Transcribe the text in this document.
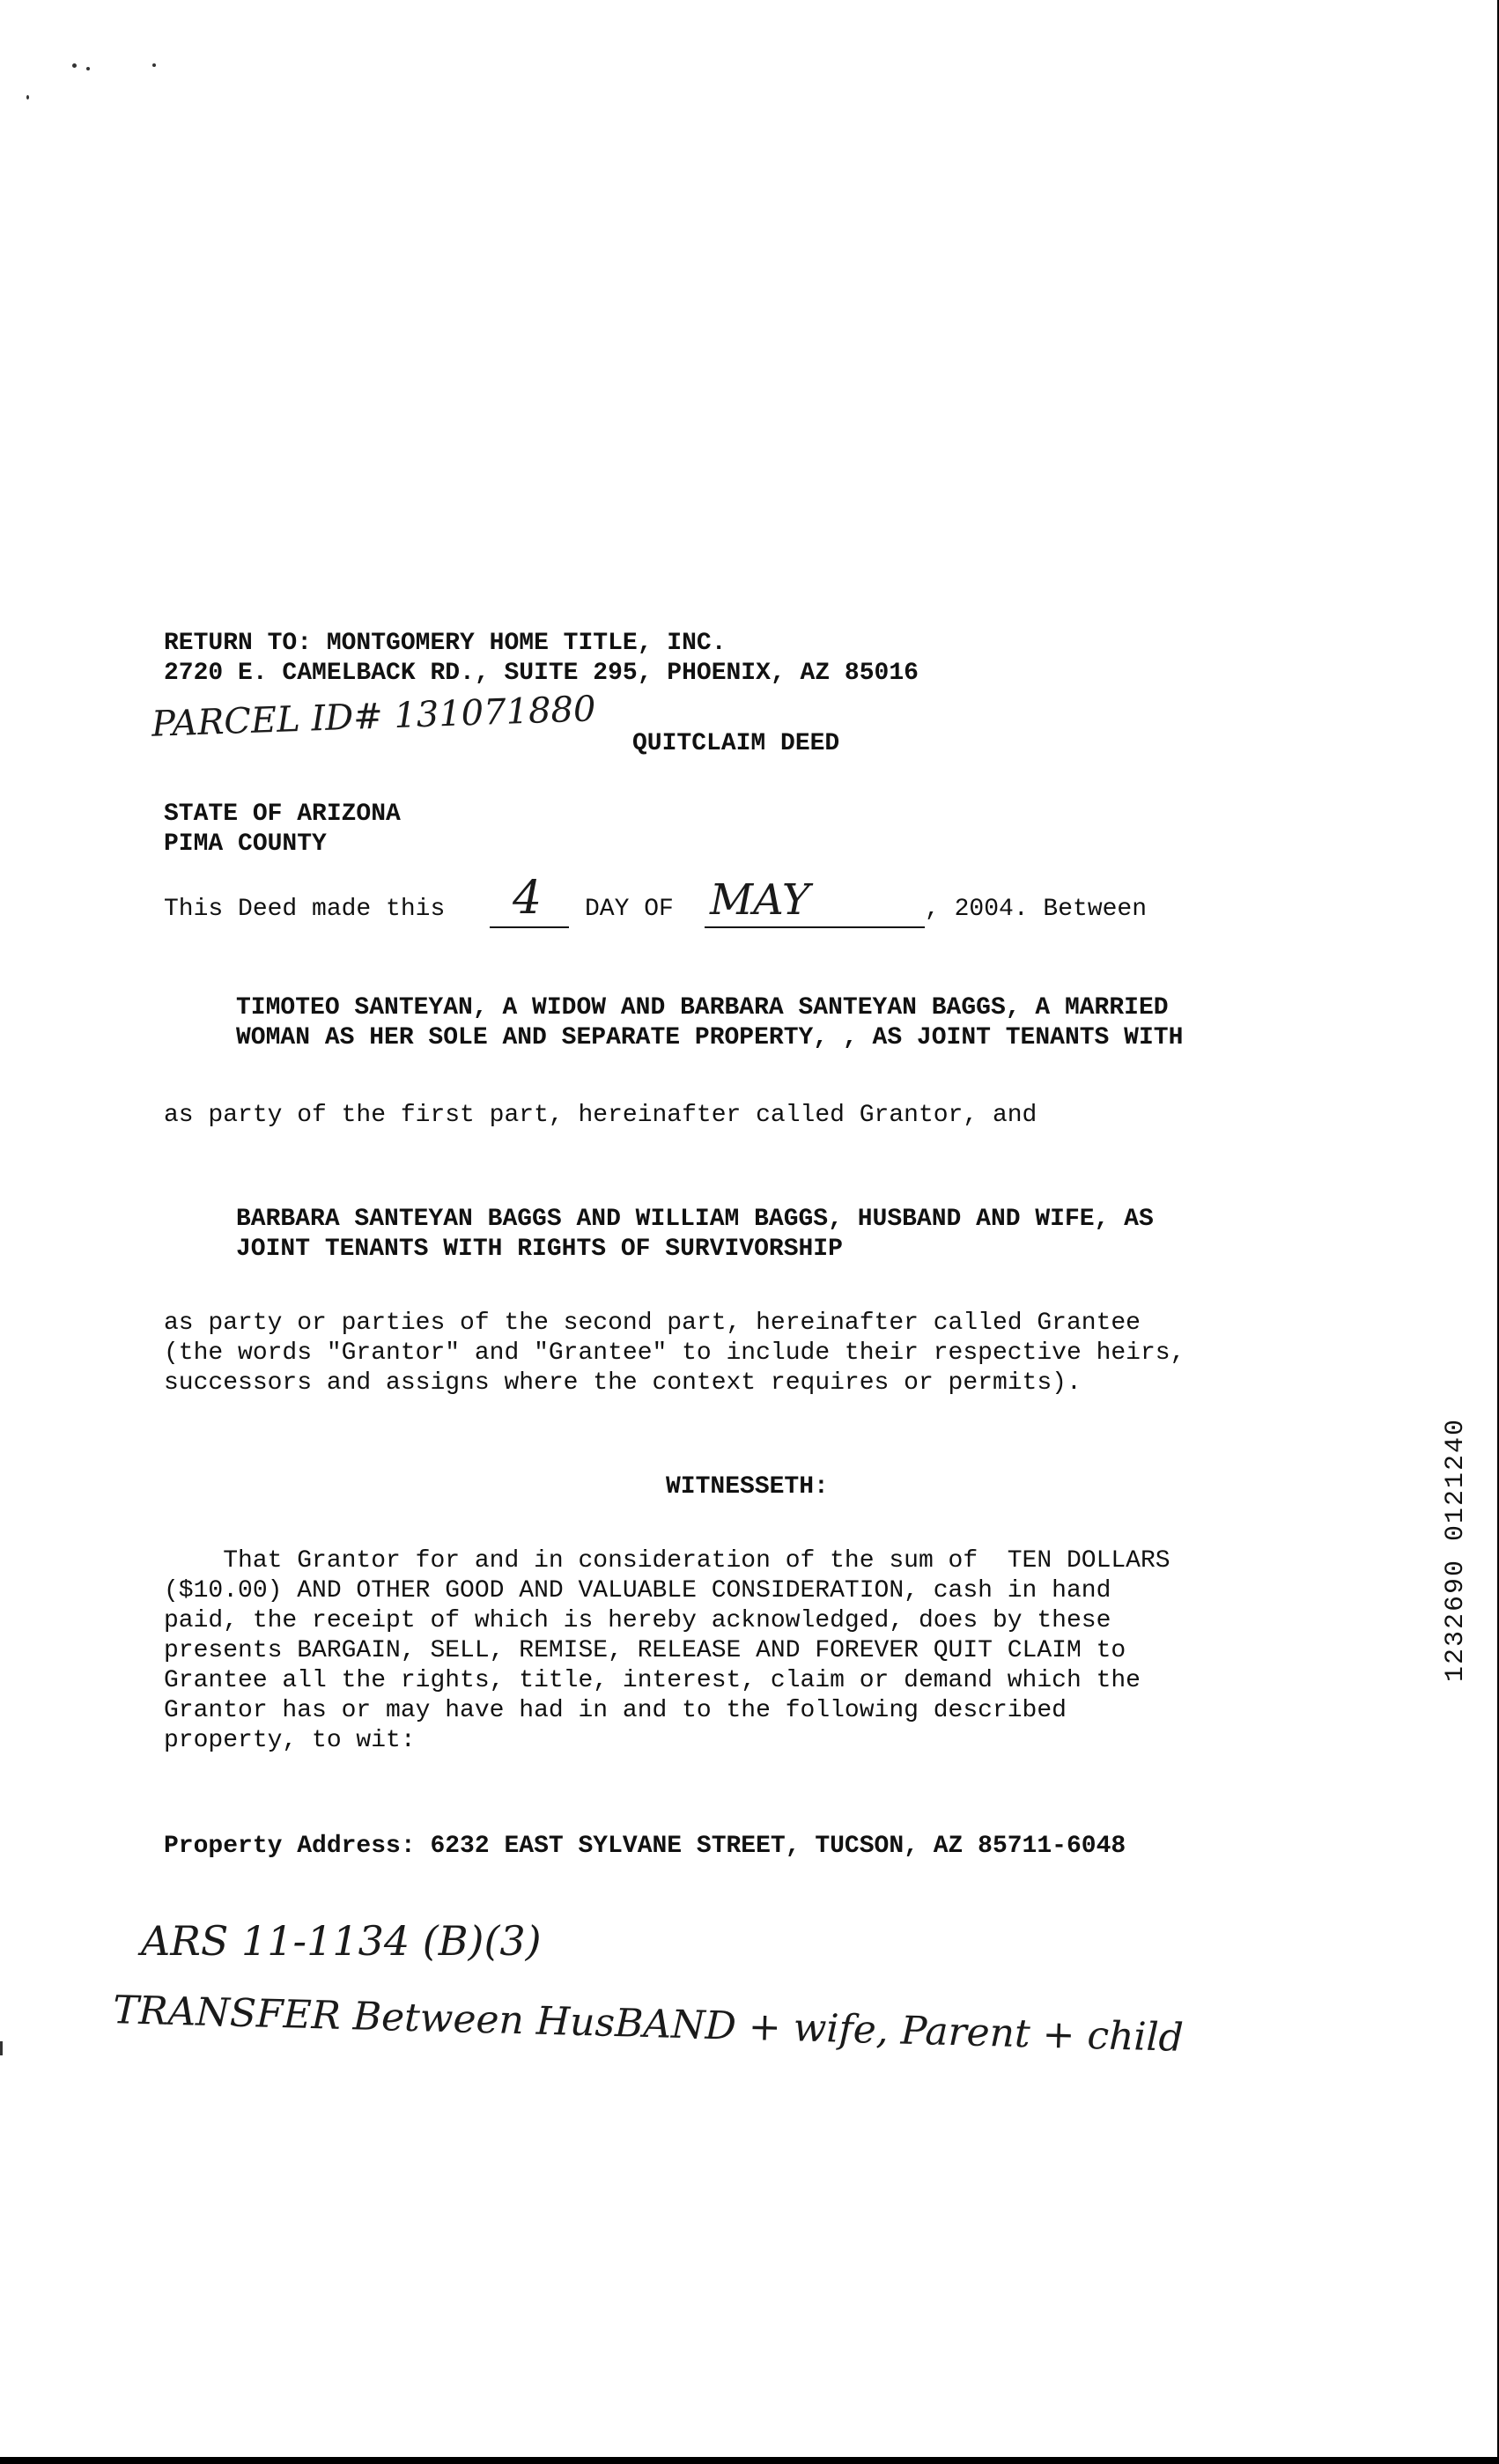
RETURN TO: MONTGOMERY HOME TITLE, INC.
2720 E. CAMELBACK RD., SUITE 295, PHOENIX, AZ 85016
PARCEL ID# 131071880 QUITCLAIM DEED
STATE OF ARIZONA
PIMA COUNTY
This Deed made this 4 DAY OF MAY	, 2004. Between
TIMOTEO SANTEYAN, A WIDOW AND BARBARA SANTEYAN BAGGS, A MARRIED
WOMAN AS HER SOLE AND SEPARATE PROPERTY, , AS JOINT TENANTS WITH
as party of the first part, hereinafter called Grantor, and
BARBARA SANTEYAN BAGGS AND WILLIAM BAGGS, HUSBAND AND WIFE, AS
JOINT TENANTS WITH RIGHTS OF SURVIVORSHIP
as party or parties of the second part, hereinafter called Grantee
(the words "Grantor" and "Grantee" to include their respective heirs,
successors and assigns where the context requires or permits).
WITNESSETH:
That Grantor for and in consideration of the sum of  TEN DOLLARS
($10.00) AND OTHER GOOD AND VALUABLE CONSIDERATION, cash in hand
paid, the receipt of which is hereby acknowledged, does by these
presents BARGAIN, SELL, REMISE, RELEASE AND FOREVER QUIT CLAIM to
Grantee all the rights, title, interest, claim or demand which the
Grantor has or may have had in and to the following described
property, to wit:
Property Address: 6232 EAST SYLVANE STREET, TUCSON, AZ 85711-6048
ARS 11-1134 (B)(3)
TRANSFER Between HusBAND + wife, Parent + child
1232690 0121240
